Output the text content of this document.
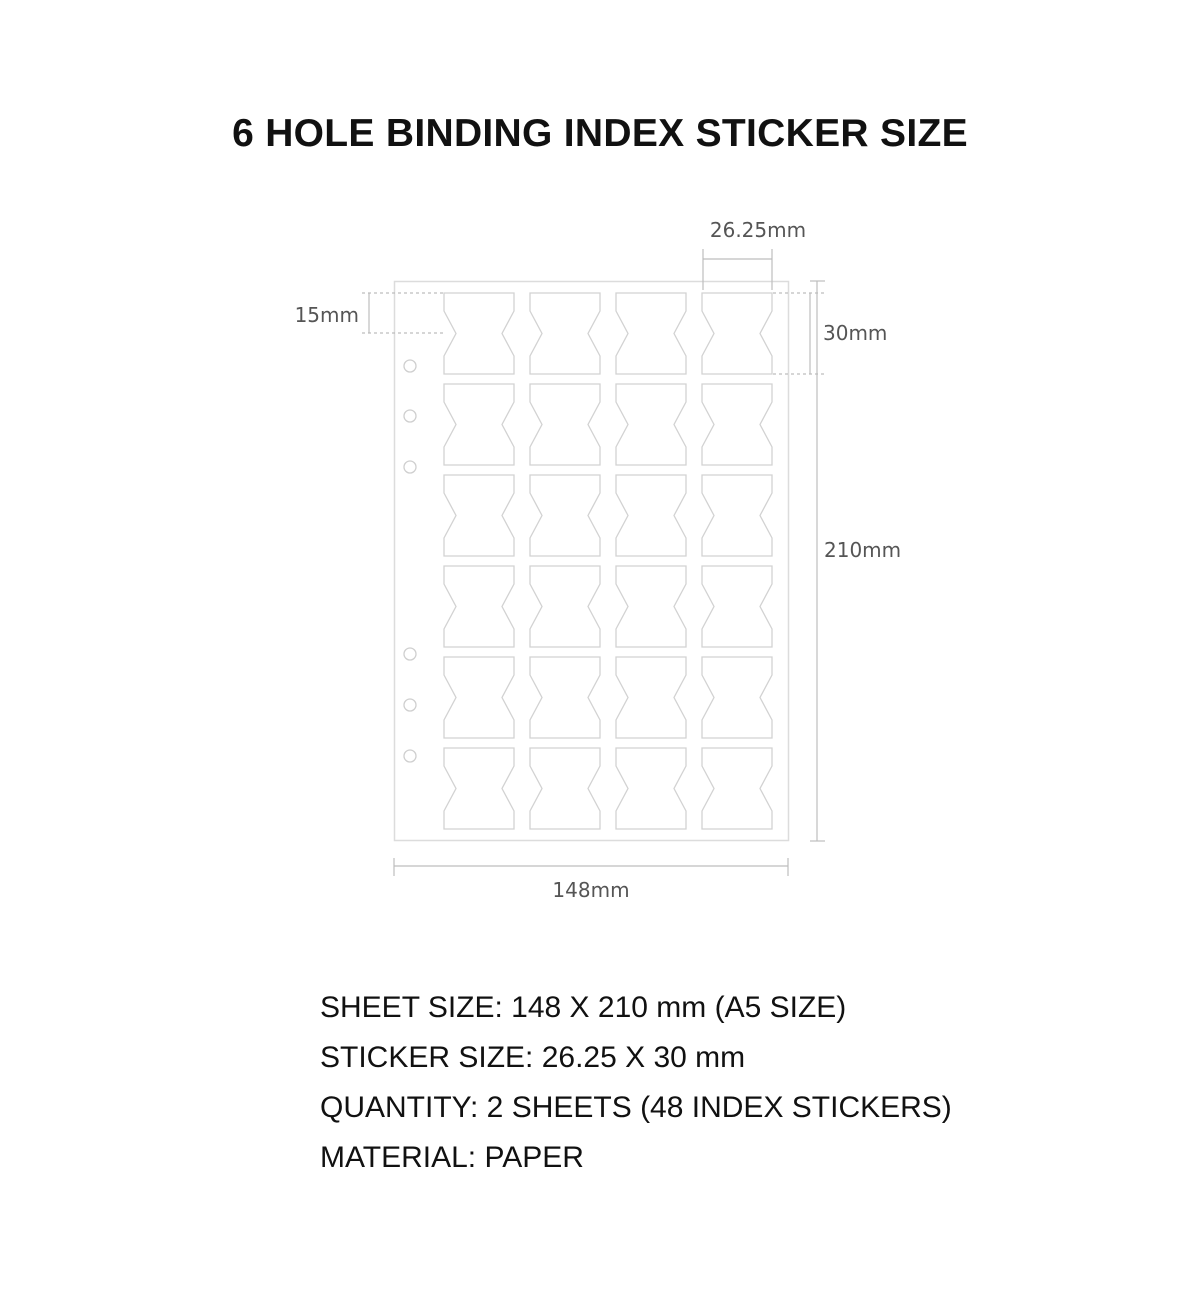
6 HOLE BINDING INDEX STICKER SIZE
26.25mm
15mm
30mm
210mm
148mm
SHEET SIZE: 148 X 210 mm (A5 SIZE)
STICKER SIZE: 26.25 X 30 mm
QUANTITY: 2 SHEETS (48 INDEX STICKERS)
MATERIAL: PAPER
